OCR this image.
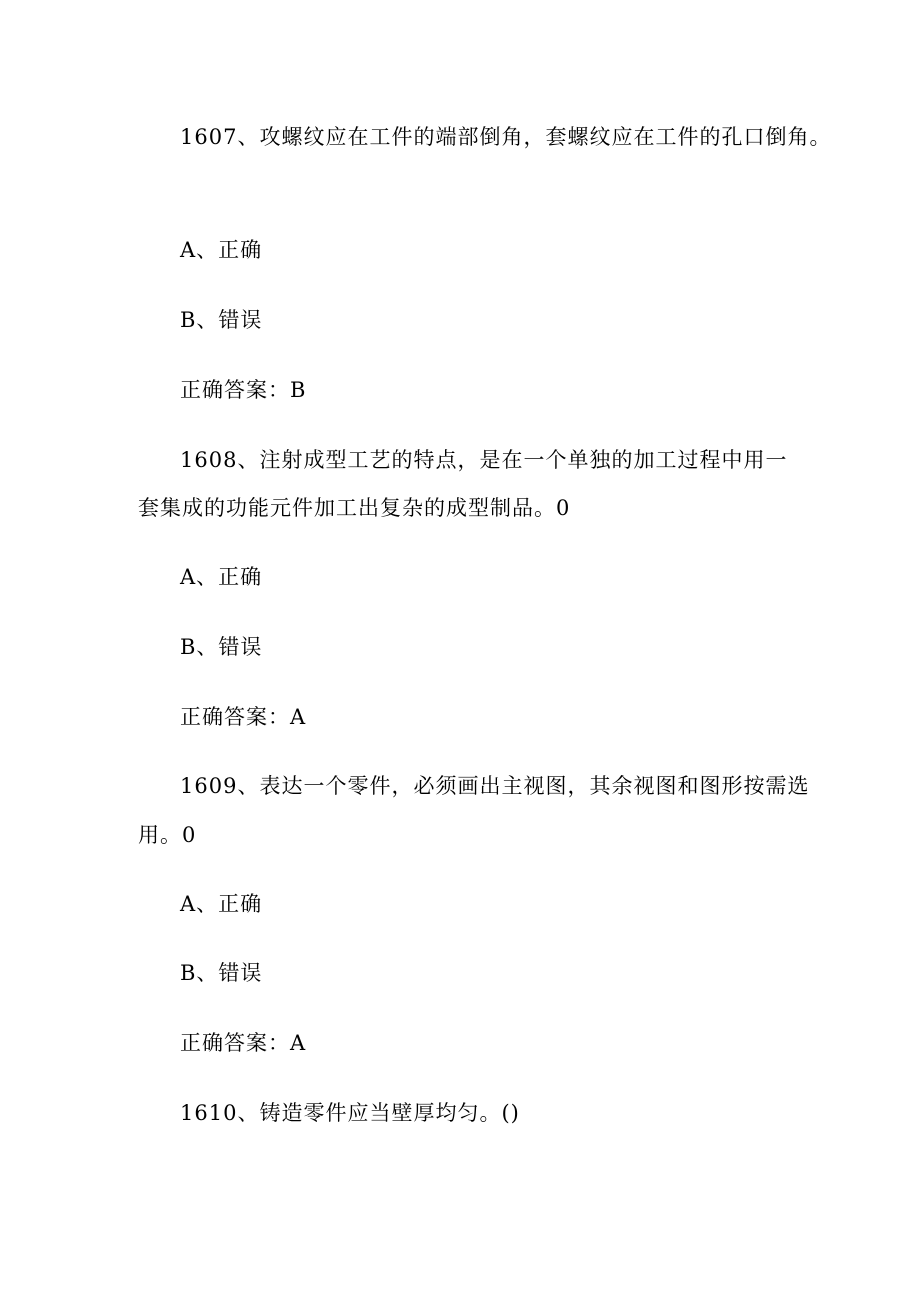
1607、攻螺纹应在工件的端部倒角，套螺纹应在工件的孔口倒角。
A、正确
B、错误
正确答案：B
1608、注射成型工艺的特点，是在一个单独的加工过程中用一
套集成的功能元件加工出复杂的成型制品。0
A、正确
B、错误
正确答案：A
1609、表达一个零件，必须画出主视图，其余视图和图形按需选
用。0
A、正确
B、错误
正确答案：A
1610、铸造零件应当壁厚均匀。()
